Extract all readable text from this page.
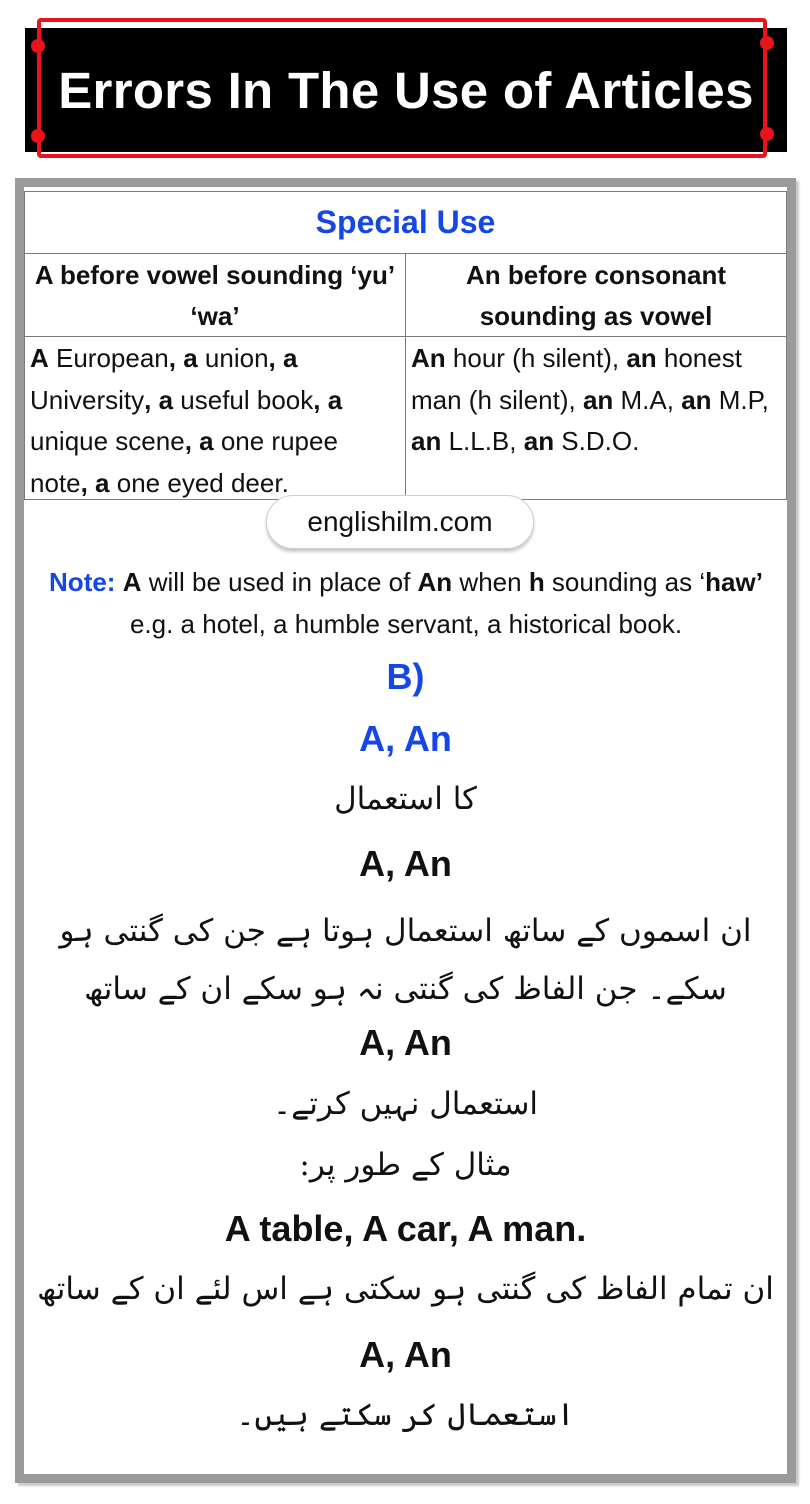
Errors In The Use of Articles
Special Use
A before vowel sounding ‘yu’ ‘wa’
An before consonant sounding as vowel
A European, a union, a University, a useful book, a unique scene, a one rupee note, a one eyed deer.
An hour (h silent), an honest man (h silent), an M.A, an M.P, an L.L.B, an S.D.O.
englishilm.com

Note: A will be used in place of An when h sounding as ‘haw’ e.g. a hotel, a humble servant, a historical book.

B)
A, An
کا استعمال
A, An
ان اسموں کے ساتھ استعمال ہوتا ہے جن کی گنتی ہو سکے۔ جن الفاظ کی گنتی نہ ہو سکے ان کے ساتھ
A, An
استعمال نہیں کرتے۔
مثال کے طور پر:
A table, A car, A man.
ان تمام الفاظ کی گنتی ہو سکتی ہے اس لئے ان کے ساتھ
A, An
استعمال کر سکتے ہیں۔
